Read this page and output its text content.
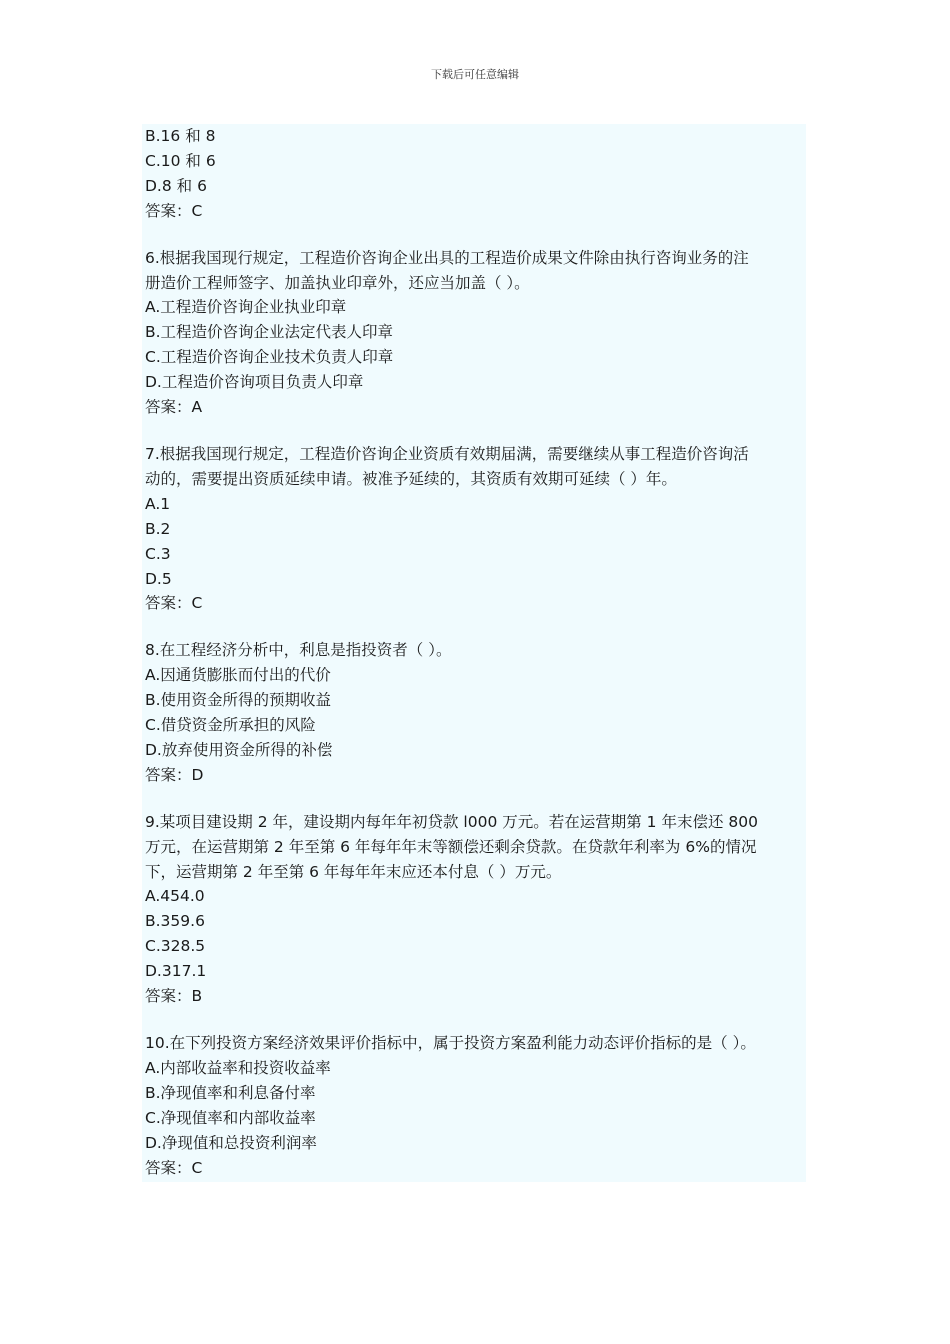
下载后可任意编辑
B.16 和 8
C.10 和 6
D.8 和 6
答案：C
6.根据我国现行规定，工程造价咨询企业出具的工程造价成果文件除由执行咨询业务的注
册造价工程师签字、加盖执业印章外，还应当加盖（ ）。
A.工程造价咨询企业执业印章
B.工程造价咨询企业法定代表人印章
C.工程造价咨询企业技术负责人印章
D.工程造价咨询项目负责人印章
答案：A
7.根据我国现行规定，工程造价咨询企业资质有效期届满，需要继续从事工程造价咨询活
动的，需要提出资质延续申请。被准予延续的，其资质有效期可延续（ ）年。
A.1
B.2
C.3
D.5
答案：C
8.在工程经济分析中，利息是指投资者（ ）。
A.因通货膨胀而付出的代价
B.使用资金所得的预期收益
C.借贷资金所承担的风险
D.放弃使用资金所得的补偿
答案：D
9.某项目建设期 2 年，建设期内每年年初贷款 l000 万元。若在运营期第 1 年末偿还 800
万元，在运营期第 2 年至第 6 年每年年末等额偿还剩余贷款。在贷款年利率为 6%的情况
下，运营期第 2 年至第 6 年每年年末应还本付息（ ）万元。
A.454.0
B.359.6
C.328.5
D.317.1
答案：B
10.在下列投资方案经济效果评价指标中，属于投资方案盈利能力动态评价指标的是（ ）。
A.内部收益率和投资收益率
B.净现值率和利息备付率
C.净现值率和内部收益率
D.净现值和总投资利润率
答案：C
